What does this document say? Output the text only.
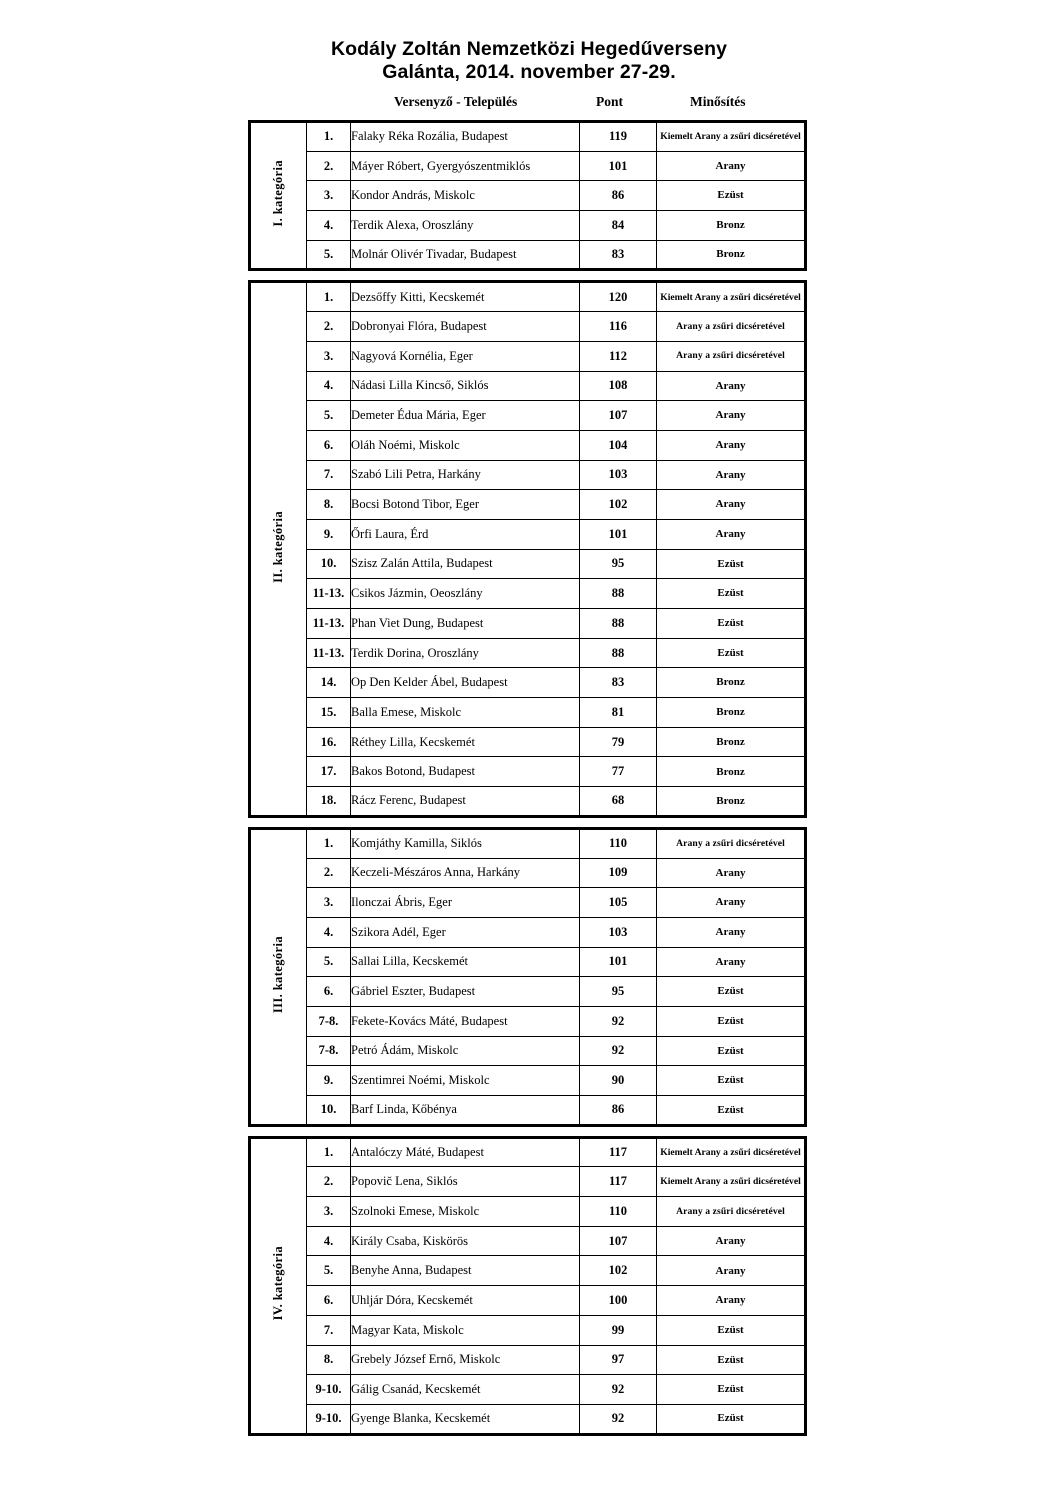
Kodály Zoltán Nemzetközi Hegedűverseny
Galánta, 2014. november 27-29.
Versenyző - Település	Pont	Minősítés
I. kategória	1.	Falaky Réka Rozália, Budapest	119	Kiemelt Arany a zsűri dicséretével
	2.	Máyer Róbert, Gyergyószentmiklós	101	Arany
	3.	Kondor András, Miskolc	86	Ezüst
	4.	Terdik Alexa, Oroszlány	84	Bronz
	5.	Molnár Olivér Tivadar, Budapest	83	Bronz
II. kategória	1.	Dezsőffy Kitti, Kecskemét	120	Kiemelt Arany a zsűri dicséretével
	2.	Dobronyai Flóra, Budapest	116	Arany a zsűri dicséretével
	3.	Nagyová Kornélia, Eger	112	Arany a zsűri dicséretével
	4.	Nádasi Lilla Kincső, Siklós	108	Arany
	5.	Demeter Édua Mária, Eger	107	Arany
	6.	Oláh Noémi, Miskolc	104	Arany
	7.	Szabó Lili Petra, Harkány	103	Arany
	8.	Bocsi Botond Tibor, Eger	102	Arany
	9.	Őrfi Laura, Érd	101	Arany
	10.	Szisz Zalán Attila, Budapest	95	Ezüst
	11-13.	Csikos Jázmin, Oeoszlány	88	Ezüst
	11-13.	Phan Viet Dung, Budapest	88	Ezüst
	11-13.	Terdik Dorina, Oroszlány	88	Ezüst
	14.	Op Den Kelder Ábel, Budapest	83	Bronz
	15.	Balla Emese, Miskolc	81	Bronz
	16.	Réthey Lilla, Kecskemét	79	Bronz
	17.	Bakos Botond, Budapest	77	Bronz
	18.	Rácz Ferenc, Budapest	68	Bronz
III. kategória	1.	Komjáthy Kamilla, Siklós	110	Arany a zsűri dicséretével
	2.	Keczeli-Mészáros Anna, Harkány	109	Arany
	3.	Ilonczai Ábris, Eger	105	Arany
	4.	Szikora Adél, Eger	103	Arany
	5.	Sallai Lilla, Kecskemét	101	Arany
	6.	Gábriel Eszter, Budapest	95	Ezüst
	7-8.	Fekete-Kovács Máté, Budapest	92	Ezüst
	7-8.	Petró Ádám, Miskolc	92	Ezüst
	9.	Szentimrei Noémi, Miskolc	90	Ezüst
	10.	Barf Linda, Kőbénya	86	Ezüst
IV. kategória	1.	Antalóczy Máté, Budapest	117	Kiemelt Arany a zsűri dicséretével
	2.	Popovič Lena, Siklós	117	Kiemelt Arany a zsűri dicséretével
	3.	Szolnoki Emese, Miskolc	110	Arany a zsűri dicséretével
	4.	Király Csaba, Kiskörös	107	Arany
	5.	Benyhe Anna, Budapest	102	Arany
	6.	Uhljár Dóra, Kecskemét	100	Arany
	7.	Magyar Kata, Miskolc	99	Ezüst
	8.	Grebely József Ernő, Miskolc	97	Ezüst
	9-10.	Gálig Csanád, Kecskemét	92	Ezüst
	9-10.	Gyenge Blanka, Kecskemét	92	Ezüst
